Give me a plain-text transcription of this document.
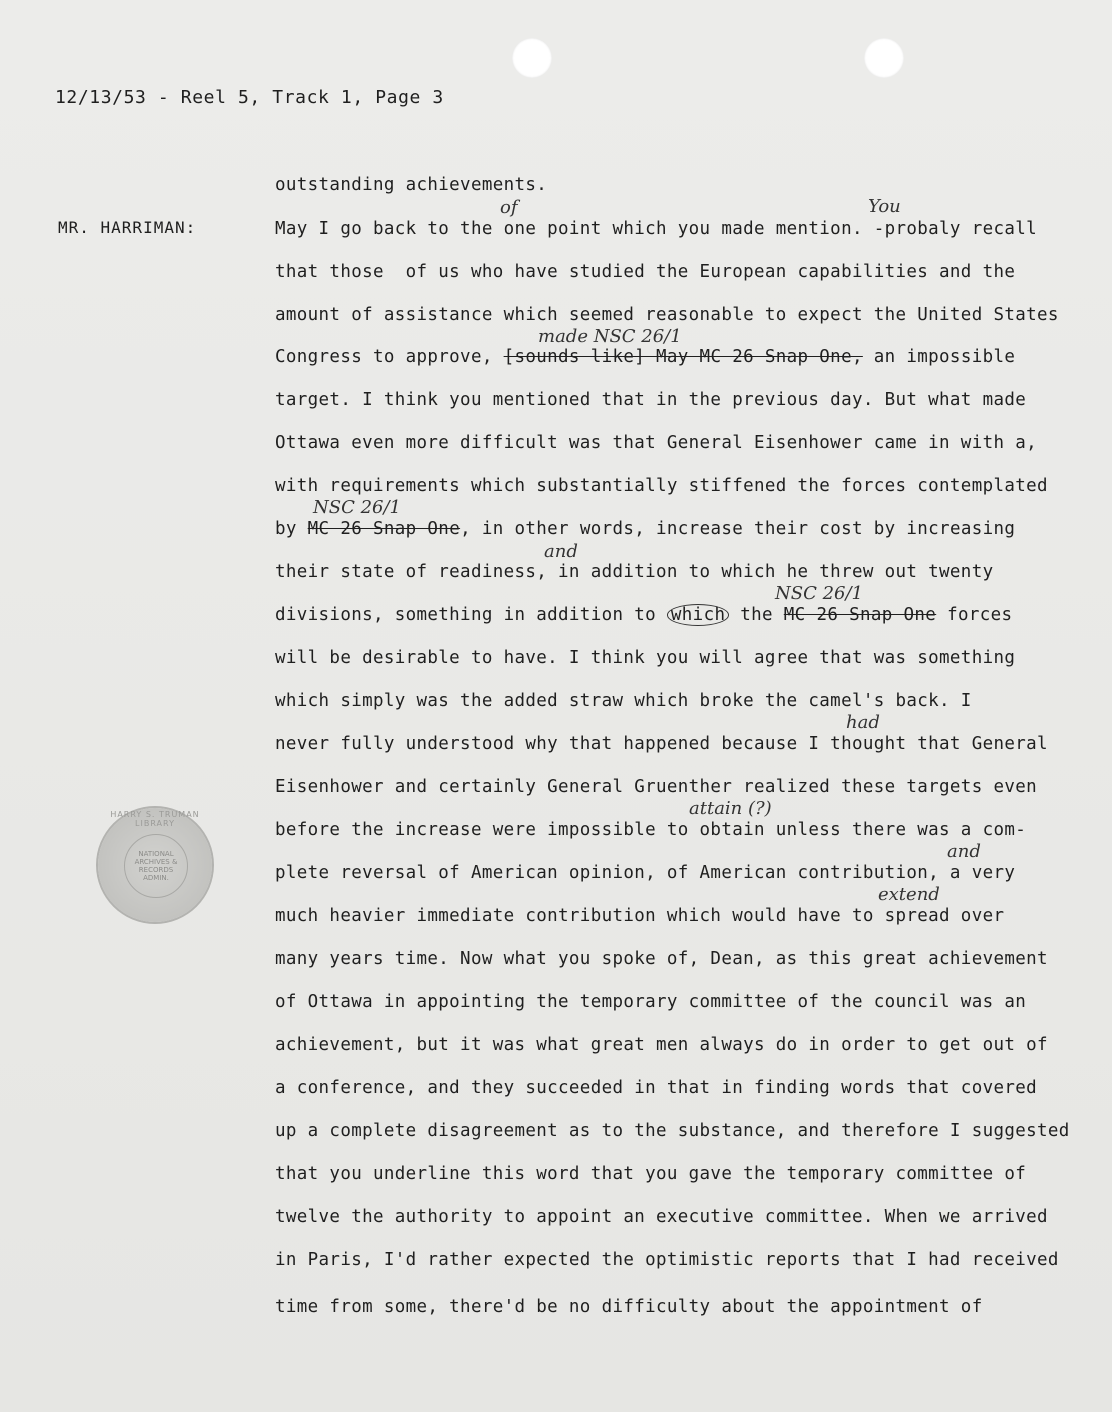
12/13/53 - Reel 5, Track 1, Page 3
MR. HARRIMAN:
outstanding achievements.
May I go back to the one point which you made mention. -probaly recall
that those  of us who have studied the European capabilities and the
amount of assistance which seemed reasonable to expect the United States
Congress to approve, [sounds like] May MC 26 Snap One, an impossible
target. I think you mentioned that in the previous day. But what made
Ottawa even more difficult was that General Eisenhower came in with a,
with requirements which substantially stiffened the forces contemplated
by MC 26 Snap One, in other words, increase their cost by increasing
their state of readiness, in addition to which he threw out twenty
divisions, something in addition to which the MC 26 Snap One forces
will be desirable to have. I think you will agree that was something
which simply was the added straw which broke the camel's back. I
never fully understood why that happened because I thought that General
Eisenhower and certainly General Gruenther realized these targets even
before the increase were impossible to obtain unless there was a com-
plete reversal of American opinion, of American contribution, a very
much heavier immediate contribution which would have to spread over
many years time. Now what you spoke of, Dean, as this great achievement
of Ottawa in appointing the temporary committee of the council was an
achievement, but it was what great men always do in order to get out of
a conference, and they succeeded in that in finding words that covered
up a complete disagreement as to the substance, and therefore I suggested
that you underline this word that you gave the temporary committee of
twelve the authority to appoint an executive committee. When we arrived
in Paris, I'd rather expected the optimistic reports that I had received
time from some, there'd be no difficulty about the appointment of
of	You
made NSC 26/1
NSC 26/1
and
NSC 26/1
had
attain (?)
and
extend
HARRY S. TRUMAN LIBRARY
NATIONAL ARCHIVES & RECORDS ADMIN.
